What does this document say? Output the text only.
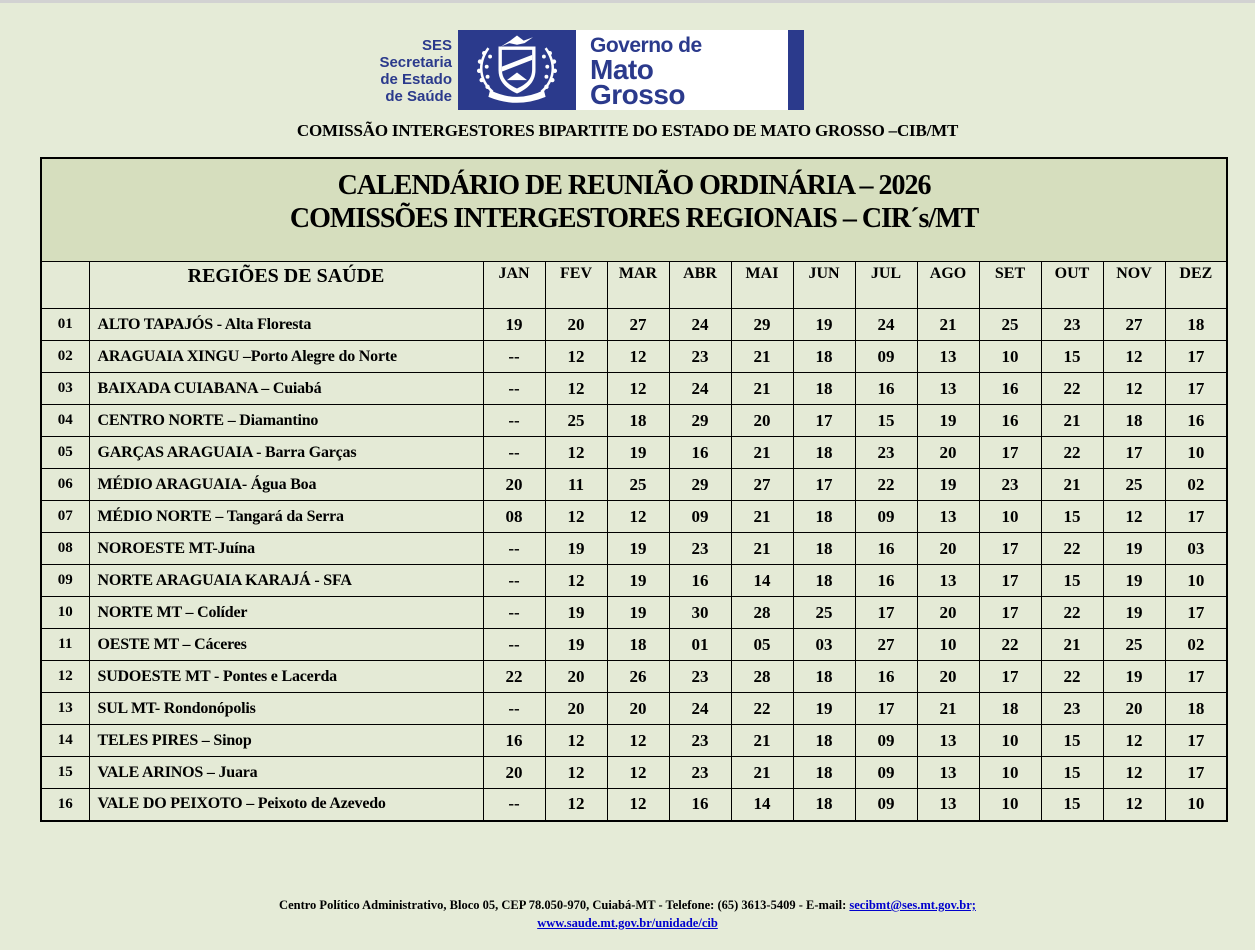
SES
Secretaria
de Estado
de Saúde
Governo de
Mato
Grosso
COMISSÃO INTERGESTORES BIPARTITE DO ESTADO DE MATO GROSSO –CIB/MT
CALENDÁRIO DE REUNIÃO ORDINÁRIA – 2026
COMISSÕES INTERGESTORES REGIONAIS – CIR´s/MT													

	REGIÕES DE SAÚDE	JAN	FEV	MAR	ABR	MAI	JUN	JUL	AGO	SET	OUT	NOV	DEZ
01	ALTO TAPAJÓS - Alta Floresta	19	20	27	24	29	19	24	21	25	23	27	18
02	ARAGUAIA XINGU –Porto Alegre do Norte	--	12	12	23	21	18	09	13	10	15	12	17
03	BAIXADA CUIABANA – Cuiabá	--	12	12	24	21	18	16	13	16	22	12	17
04	CENTRO NORTE – Diamantino	--	25	18	29	20	17	15	19	16	21	18	16
05	GARÇAS ARAGUAIA - Barra Garças	--	12	19	16	21	18	23	20	17	22	17	10
06	MÉDIO ARAGUAIA- Água Boa	20	11	25	29	27	17	22	19	23	21	25	02
07	MÉDIO NORTE – Tangará da Serra	08	12	12	09	21	18	09	13	10	15	12	17
08	NOROESTE MT-Juína	--	19	19	23	21	18	16	20	17	22	19	03
09	NORTE ARAGUAIA KARAJÁ - SFA	--	12	19	16	14	18	16	13	17	15	19	10
10	NORTE MT – Colíder	--	19	19	30	28	25	17	20	17	22	19	17
11	OESTE MT – Cáceres	--	19	18	01	05	03	27	10	22	21	25	02
12	SUDOESTE MT - Pontes e Lacerda	22	20	26	23	28	18	16	20	17	22	19	17
13	SUL MT- Rondonópolis	--	20	20	24	22	19	17	21	18	23	20	18
14	TELES PIRES – Sinop	16	12	12	23	21	18	09	13	10	15	12	17
15	VALE ARINOS – Juara	20	12	12	23	21	18	09	13	10	15	12	17
16	VALE DO PEIXOTO – Peixoto de Azevedo	--	12	12	16	14	18	09	13	10	15	12	10
Centro Político Administrativo, Bloco 05, CEP 78.050-970, Cuiabá-MT - Telefone: (65) 3613-5409 - E-mail: secibmt@ses.mt.gov.br;
www.saude.mt.gov.br/unidade/cib
